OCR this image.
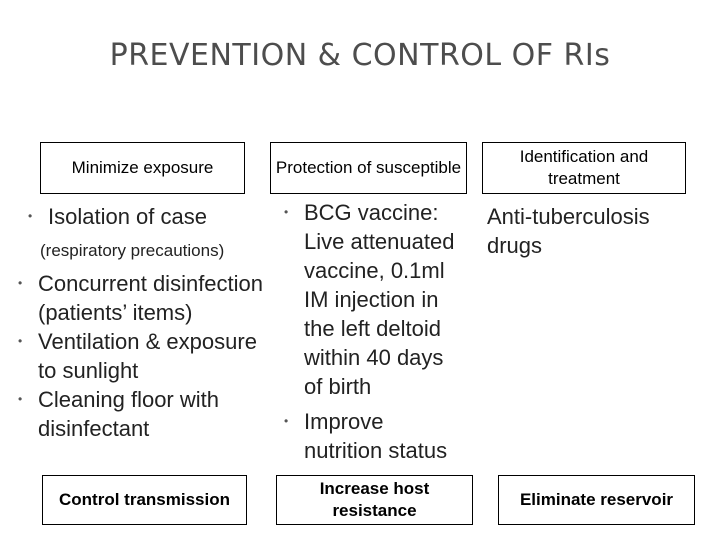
PREVENTION & CONTROL OF RIs
• Isolation of case
(respiratory precautions)
• Concurrent disinfection (patients’ items)
• Ventilation & exposure to sunlight
• Cleaning floor with disinfectant
• BCG vaccine: Live attenuated vaccine, 0.1ml IM injection in the left deltoid within 40 days of birth
• Improve nutrition status
Anti-tuberculosis drugs
Minimize exposure	Protection of susceptible
Identification and treatment
Control transmission
Increase host resistance
Eliminate reservoir
